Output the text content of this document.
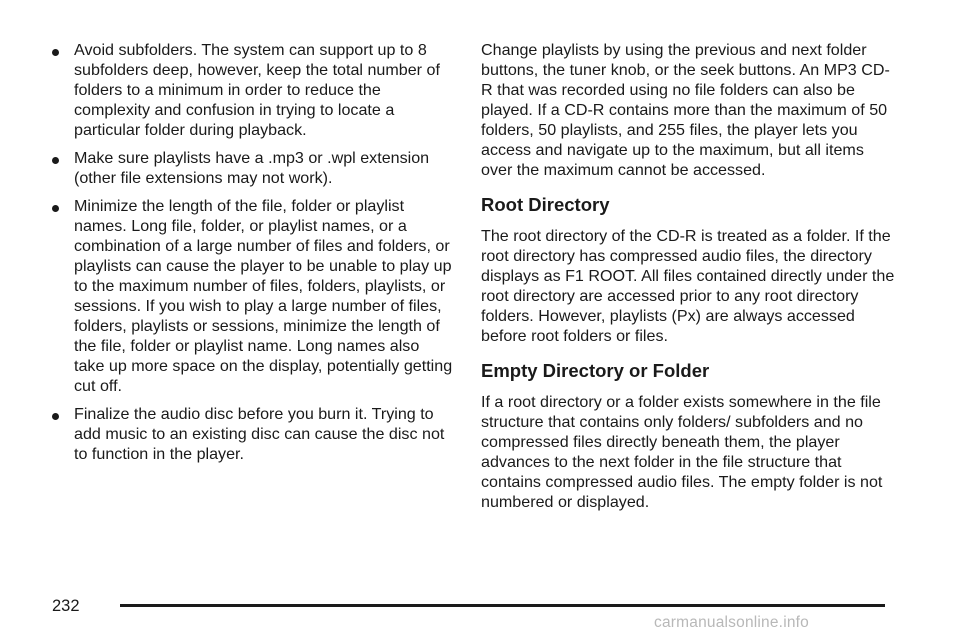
Avoid subfolders. The system can support up to 8 subfolders deep, however, keep the total number of folders to a minimum in order to reduce the complexity and confusion in trying to locate a particular folder during playback.

Make sure playlists have a .mp3 or .wpl extension (other file extensions may not work).

Minimize the length of the file, folder or playlist names. Long file, folder, or playlist names, or a combination of a large number of files and folders, or playlists can cause the player to be unable to play up to the maximum number of files, folders, playlists, or sessions. If you wish to play a large number of files, folders, playlists or sessions, minimize the length of the file, folder or playlist name. Long names also take up more space on the display, potentially getting cut off.

Finalize the audio disc before you burn it. Trying to add music to an existing disc can cause the disc not to function in the player.

Change playlists by using the previous and next folder buttons, the tuner knob, or the seek buttons. An MP3 CD-R that was recorded using no file folders can also be played. If a CD-R contains more than the maximum of 50 folders, 50 playlists, and 255 files, the player lets you access and navigate up to the maximum, but all items over the maximum cannot be accessed.

Root Directory

The root directory of the CD-R is treated as a folder. If the root directory has compressed audio files, the directory displays as F1 ROOT. All files contained directly under the root directory are accessed prior to any root directory folders. However, playlists (Px) are always accessed before root folders or files.

Empty Directory or Folder

If a root directory or a folder exists somewhere in the file structure that contains only folders/ subfolders and no compressed files directly beneath them, the player advances to the next folder in the file structure that contains compressed audio files. The empty folder is not numbered or displayed.

232
carmanualsonline.info
